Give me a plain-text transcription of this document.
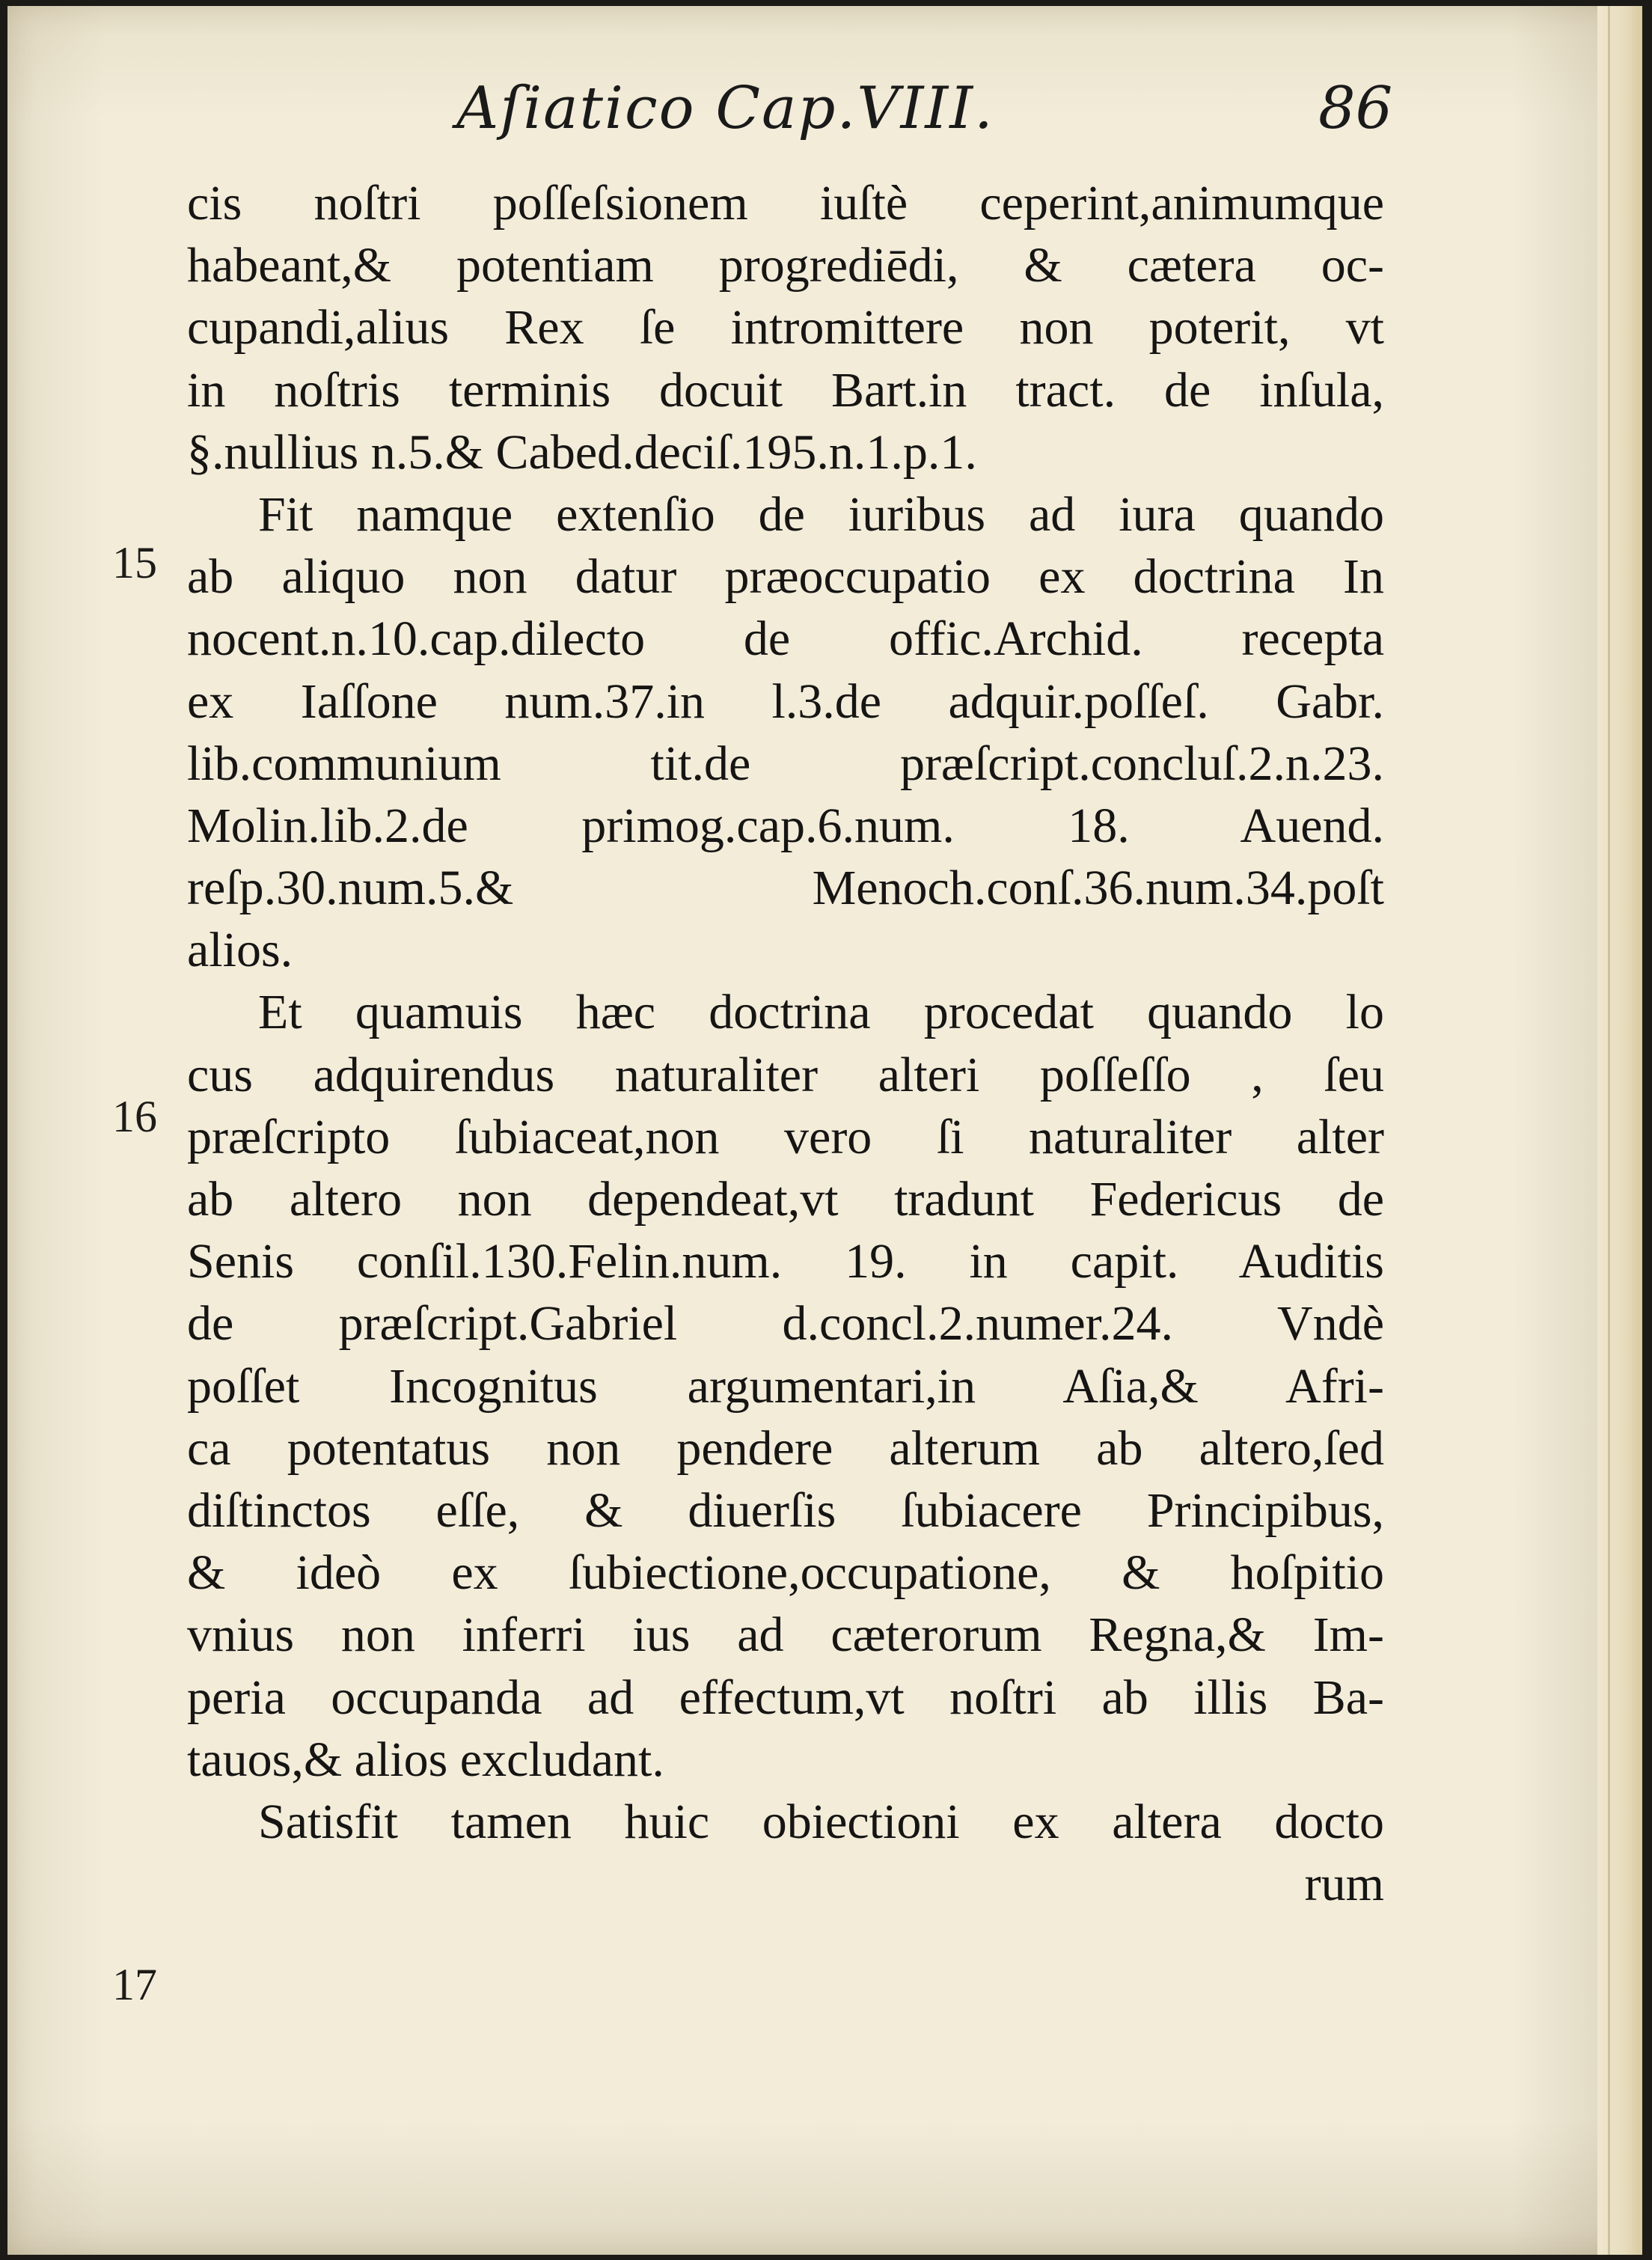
Aſiatico Cap.VIII.	86
15
16
17
cis noſtri poſſeſsionem iuſtè ceperint,animumque
habeant,& potentiam progrediēdi, & cætera oc-
cupandi,alius Rex ſe intromittere non poterit, vt
in noſtris terminis docuit Bart.in tract. de inſula,
§.nullius n.5.& Cabed.deciſ.195.n.1.p.1.
Fit namque extenſio de iuribus ad iura quando
ab aliquo non datur præoccupatio ex doctrina In
nocent.n.10.cap.dilecto de offic.Archid. recepta
ex Iaſſone num.37.in l.3.de adquir.poſſeſ. Gabr.
lib.communium tit.de præſcript.concluſ.2.n.23.
Molin.lib.2.de primog.cap.6.num. 18. Auend.
reſp.30.num.5.& Menoch.conſ.36.num.34.poſt
alios.
Et quamuis hæc doctrina procedat quando lo
cus adquirendus naturaliter alteri poſſeſſo , ſeu
præſcripto ſubiaceat,non vero ſi naturaliter alter
ab altero non dependeat,vt tradunt Federicus de
Senis conſil.130.Felin.num. 19. in capit. Auditis
de præſcript.Gabriel d.concl.2.numer.24. Vndè
poſſet Incognitus argumentari,in Aſia,& Afri-
ca potentatus non pendere alterum ab altero,ſed
diſtinctos eſſe, & diuerſis ſubiacere Principibus,
& ideò ex ſubiectione,occupatione, & hoſpitio
vnius non inferri ius ad cæterorum Regna,& Im-
peria occupanda ad effectum,vt noſtri ab illis Ba-
tauos,& alios excludant.
Satisfit tamen huic obiectioni ex altera docto
rum
